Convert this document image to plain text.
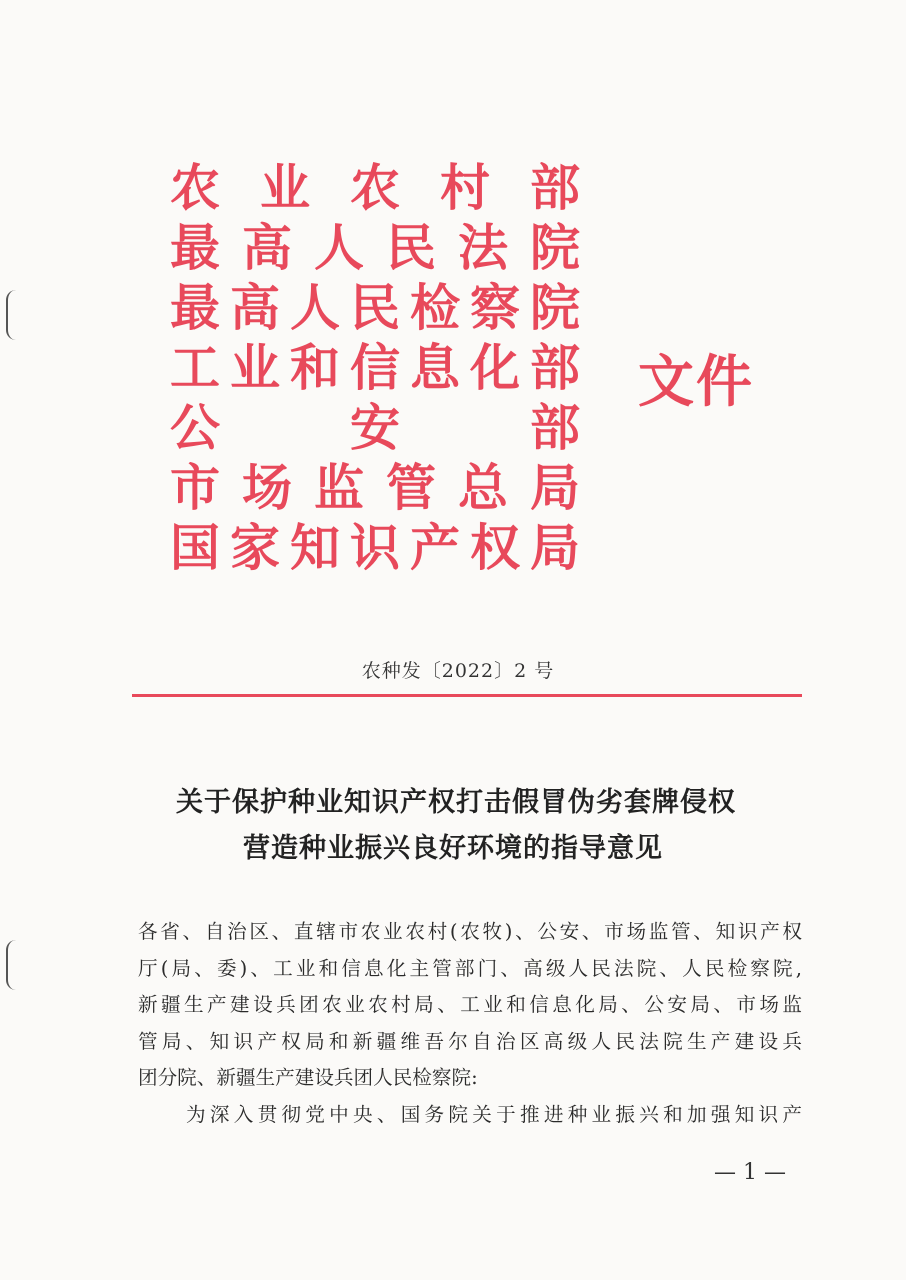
农 业 农 村 部
最高人民法院
最高人民检察院
工业和信息化部
公　　安　　部
市场监管总局
国家知识产权局
文件
农种发〔2022〕2 号
关于保护种业知识产权打击假冒伪劣套牌侵权
营造种业振兴良好环境的指导意见
各省、自治区、直辖市农业农村(农牧)、公安、市场监管、知识产权
厅(局、委)、工业和信息化主管部门、高级人民法院、人民检察院,
新疆生产建设兵团农业农村局、工业和信息化局、公安局、市场监
管局、知识产权局和新疆维吾尔自治区高级人民法院生产建设兵
团分院、新疆生产建设兵团人民检察院:
为深入贯彻党中央、国务院关于推进种业振兴和加强知识产
— 1 —
